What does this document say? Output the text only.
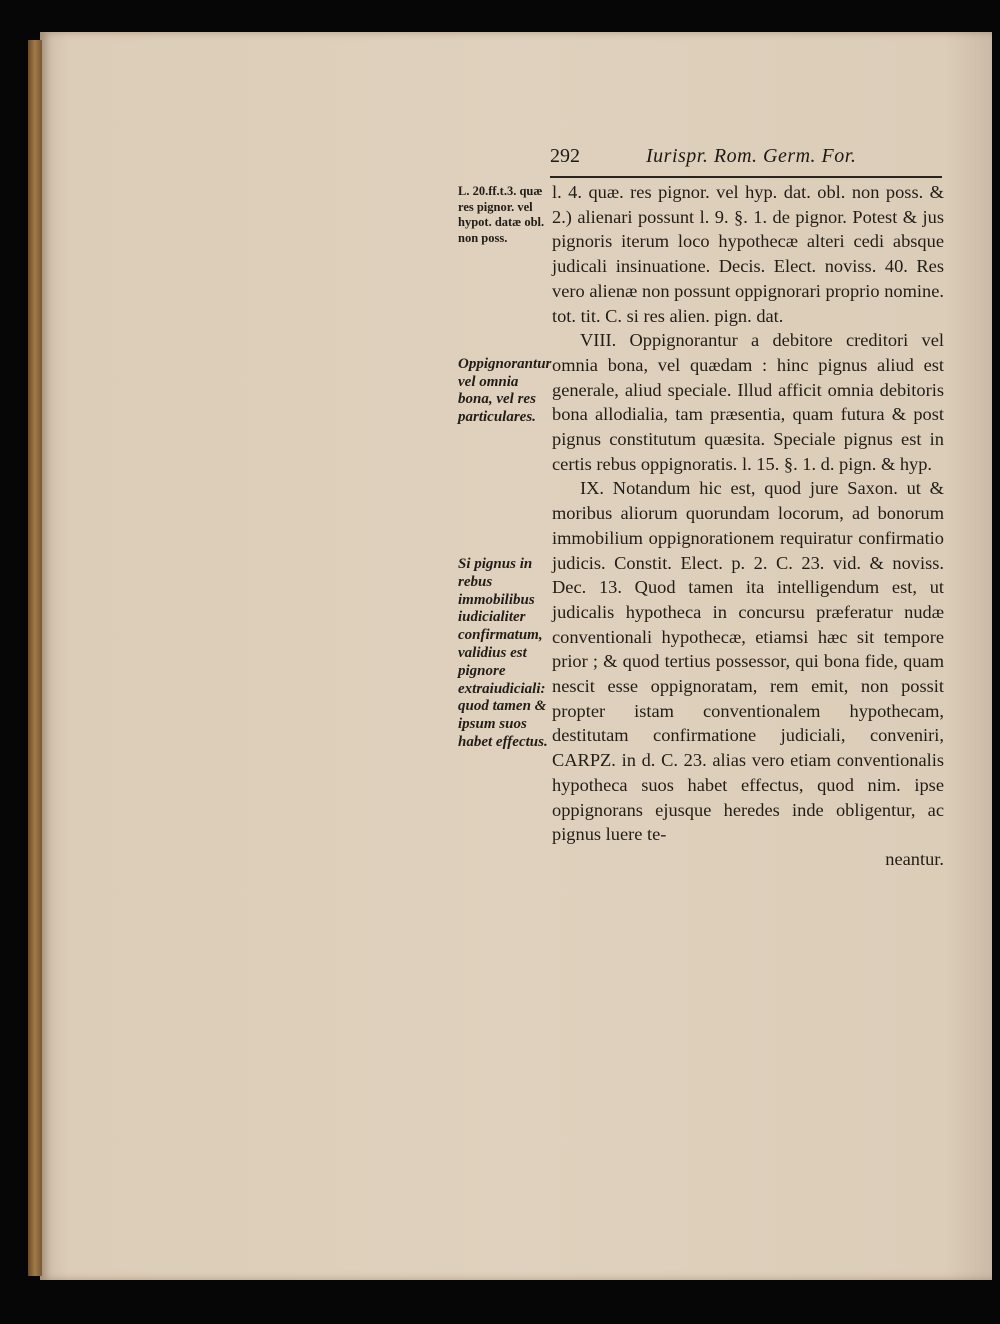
292	Iurispr. Rom. Germ. For.
L. 20.ff.t.3. quæ res pignor. vel hypot. datæ obl. non poss.
Oppignorantur vel omnia bona, vel res particulares.
Si pignus in rebus immobilibus iudicialiter confirmatum, validius est pignore extraiudiciali: quod tamen & ipsum suos habet effectus.

l. 4. quæ. res pignor. vel hyp. dat. obl. non poss. & 2.) alienari possunt l. 9. §. 1. de pignor. Potest & jus pignoris iterum loco hypothecæ alteri cedi absque judicali insinuatione. Decis. Elect. noviss. 40. Res vero alienæ non possunt oppignorari proprio nomine. tot. tit. C. si res alien. pign. dat.

VIII. Oppignorantur a debitore creditori vel omnia bona, vel quædam : hinc pignus aliud est generale, aliud speciale. Illud afficit omnia debitoris bona allodialia, tam præsentia, quam futura & post pignus constitutum quæsita. Speciale pignus est in certis rebus oppignoratis. l. 15. §. 1. d. pign. & hyp.

IX. Notandum hic est, quod jure Saxon. ut & moribus aliorum quorundam locorum, ad bonorum immobilium oppignorationem requiratur confirmatio judicis. Constit. Elect. p. 2. C. 23. vid. & noviss. Dec. 13. Quod tamen ita intelligendum est, ut judicalis hypotheca in concursu præferatur nudæ conventionali hypothecæ, etiamsi hæc sit tempore prior ; & quod tertius possessor, qui bona fide, quam nescit esse oppignoratam, rem emit, non possit propter istam conventionalem hypothecam, destitutam confirmatione judiciali, conveniri, CARPZ. in d. C. 23. alias vero etiam conventionalis hypotheca suos habet effectus, quod nim. ipse oppignorans ejusque heredes inde obligentur, ac pignus luere te-

neantur.
